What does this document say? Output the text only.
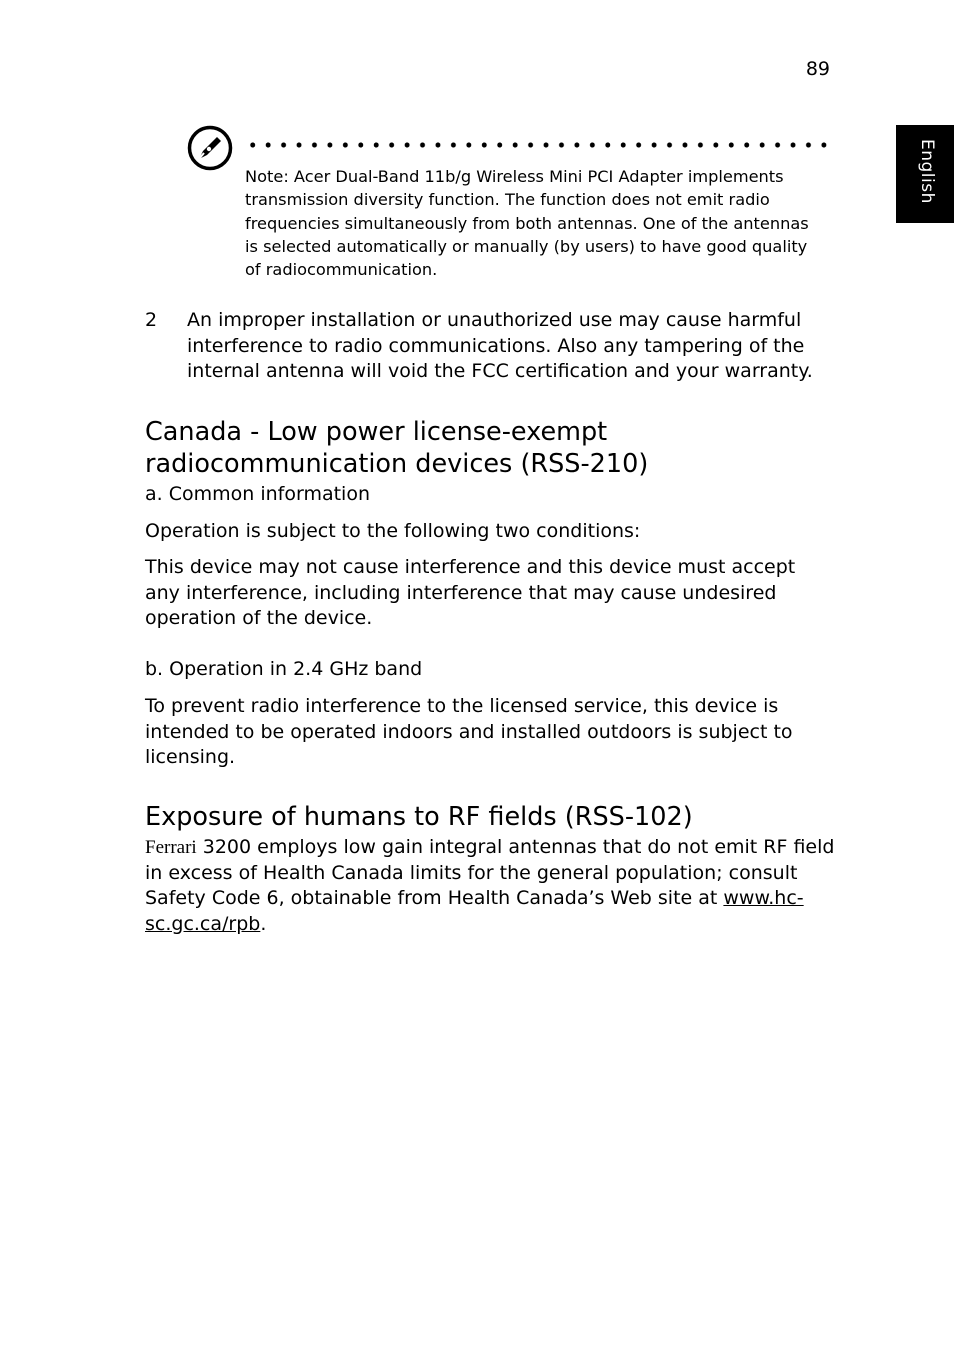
89
English
Note: Acer Dual-Band 11b/g Wireless Mini PCI Adapter implements transmission diversity function. The function does not emit radio frequencies simultaneously from both antennas. One of the antennas is selected automatically or manually (by users) to have good quality of radiocommunication.
2 An improper installation or unauthorized use may cause harmful interference to radio communications. Also any tampering of the internal antenna will void the FCC certification and your warranty.
Canada - Low power license-exempt radiocommunication devices (RSS-210)

a. Common information

Operation is subject to the following two conditions:

This device may not cause interference and this device must accept any interference, including interference that may cause undesired operation of the device.

b. Operation in 2.4 GHz band

To prevent radio interference to the licensed service, this device is intended to be operated indoors and installed outdoors is subject to licensing.

Exposure of humans to RF fields (RSS-102)

Ferrari 3200 employs low gain integral antennas that do not emit RF field in excess of Health Canada limits for the general population; consult Safety Code 6, obtainable from Health Canada’s Web site at www.hc-sc.gc.ca/rpb.
